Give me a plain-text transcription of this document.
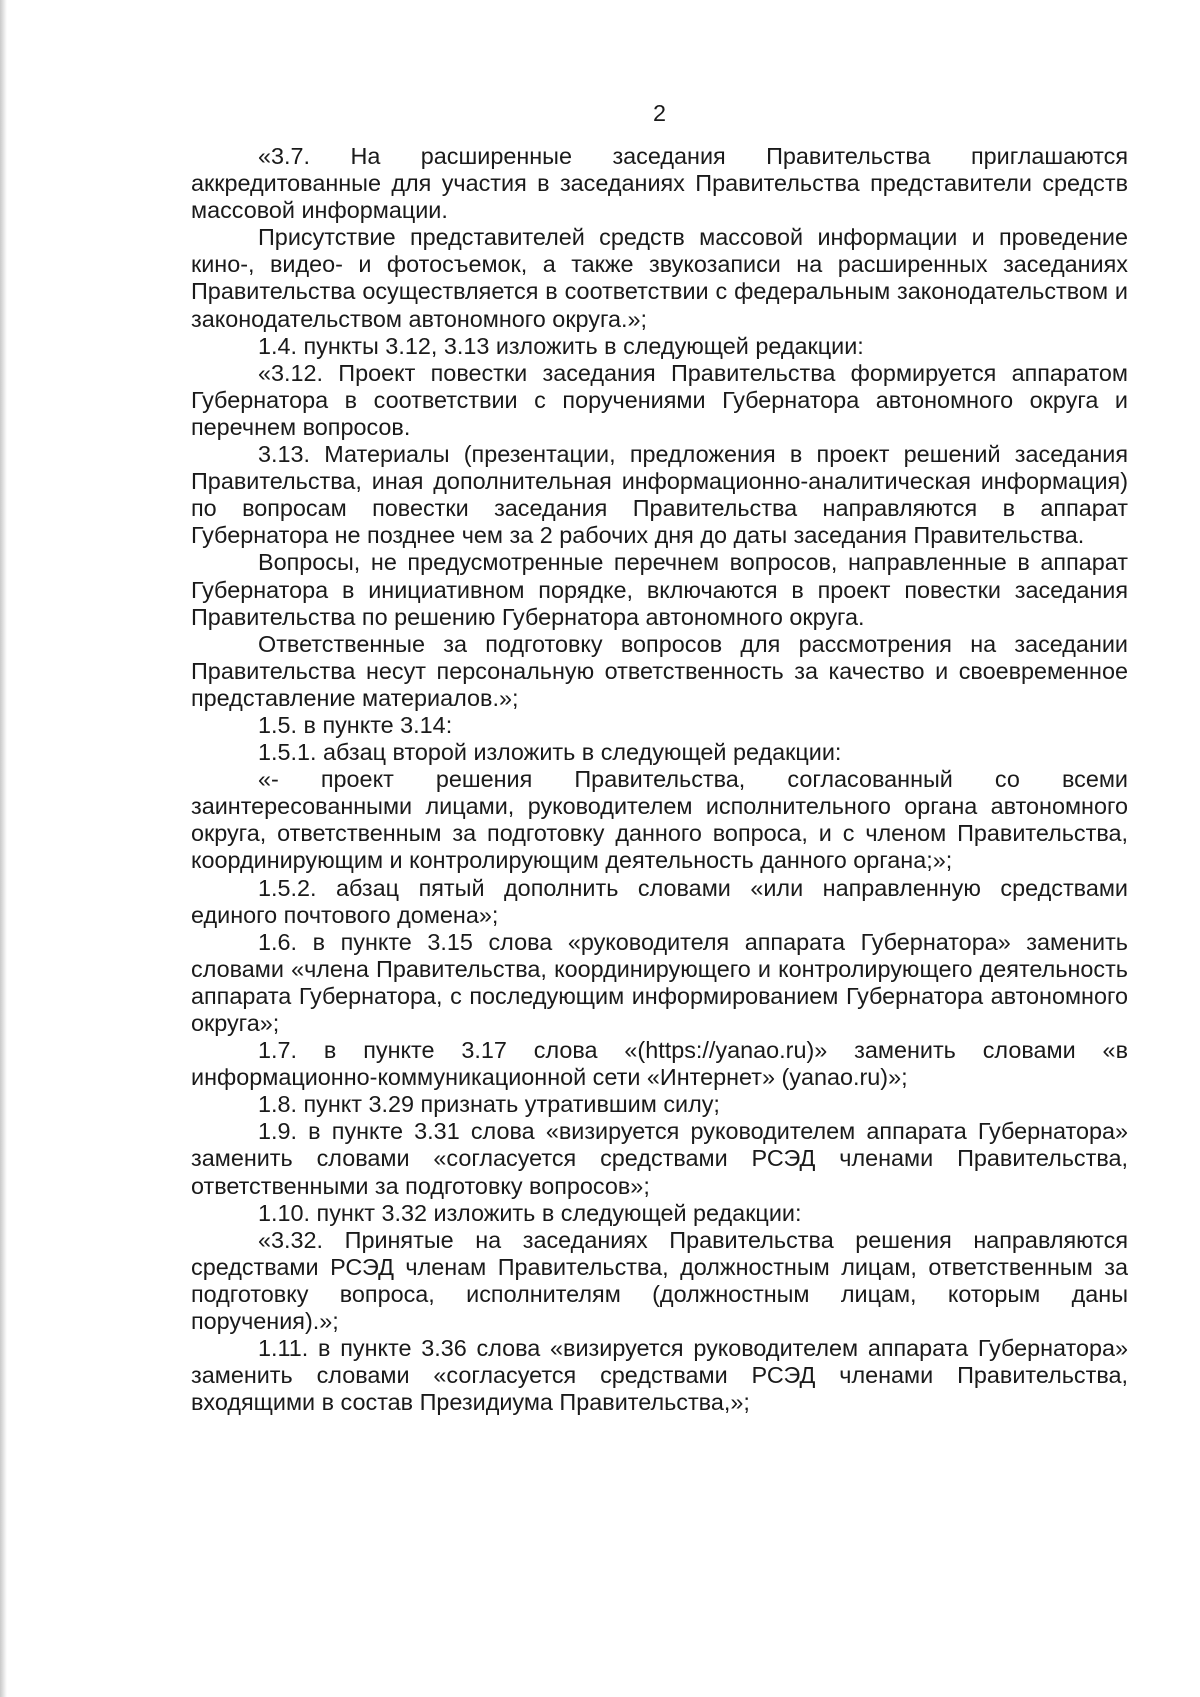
2

«3.7. На расширенные заседания Правительства приглашаются аккредитованные для участия в заседаниях Правительства представители средств массовой информации.

Присутствие представителей средств массовой информации и проведение кино-, видео- и фотосъемок, а также звукозаписи на расширенных заседаниях Правительства осуществляется в соответствии с федеральным законодательством и законодательством автономного округа.»;

1.4. пункты 3.12, 3.13 изложить в следующей редакции:

«3.12. Проект повестки заседания Правительства формируется аппаратом Губернатора в соответствии с поручениями Губернатора автономного округа и перечнем вопросов.

3.13. Материалы (презентации, предложения в проект решений заседания Правительства, иная дополнительная информационно-аналитическая информация) по вопросам повестки заседания Правительства направляются в аппарат Губернатора не позднее чем за 2 рабочих дня до даты заседания Правительства.

Вопросы, не предусмотренные перечнем вопросов, направленные в аппарат Губернатора в инициативном порядке, включаются в проект повестки заседания Правительства по решению Губернатора автономного округа.

Ответственные за подготовку вопросов для рассмотрения на заседании Правительства несут персональную ответственность за качество и своевременное представление материалов.»;

1.5. в пункте 3.14:

1.5.1. абзац второй изложить в следующей редакции:

«- проект решения Правительства, согласованный со всеми заинтересованными лицами, руководителем исполнительного органа автономного округа, ответственным за подготовку данного вопроса, и с членом Правительства, координирующим и контролирующим деятельность данного органа;»;

1.5.2. абзац пятый дополнить словами «или направленную средствами единого почтового домена»;

1.6. в пункте 3.15 слова «руководителя аппарата Губернатора» заменить словами «члена Правительства, координирующего и контролирующего деятельность аппарата Губернатора, с последующим информированием Губернатора автономного округа»;

1.7. в пункте 3.17 слова «(https://yanao.ru)» заменить словами «в информационно-коммуникационной сети «Интернет» (yanao.ru)»;

1.8. пункт 3.29 признать утратившим силу;

1.9. в пункте 3.31 слова «визируется руководителем аппарата Губернатора» заменить словами «согласуется средствами РСЭД членами Правительства, ответственными за подготовку вопросов»;

1.10. пункт 3.32 изложить в следующей редакции:

«3.32. Принятые на заседаниях Правительства решения направляются средствами РСЭД членам Правительства, должностным лицам, ответственным за подготовку вопроса, исполнителям (должностным лицам, которым даны поручения).»;

1.11. в пункте 3.36 слова «визируется руководителем аппарата Губернатора» заменить словами «согласуется средствами РСЭД членами Правительства, входящими в состав Президиума Правительства,»;
